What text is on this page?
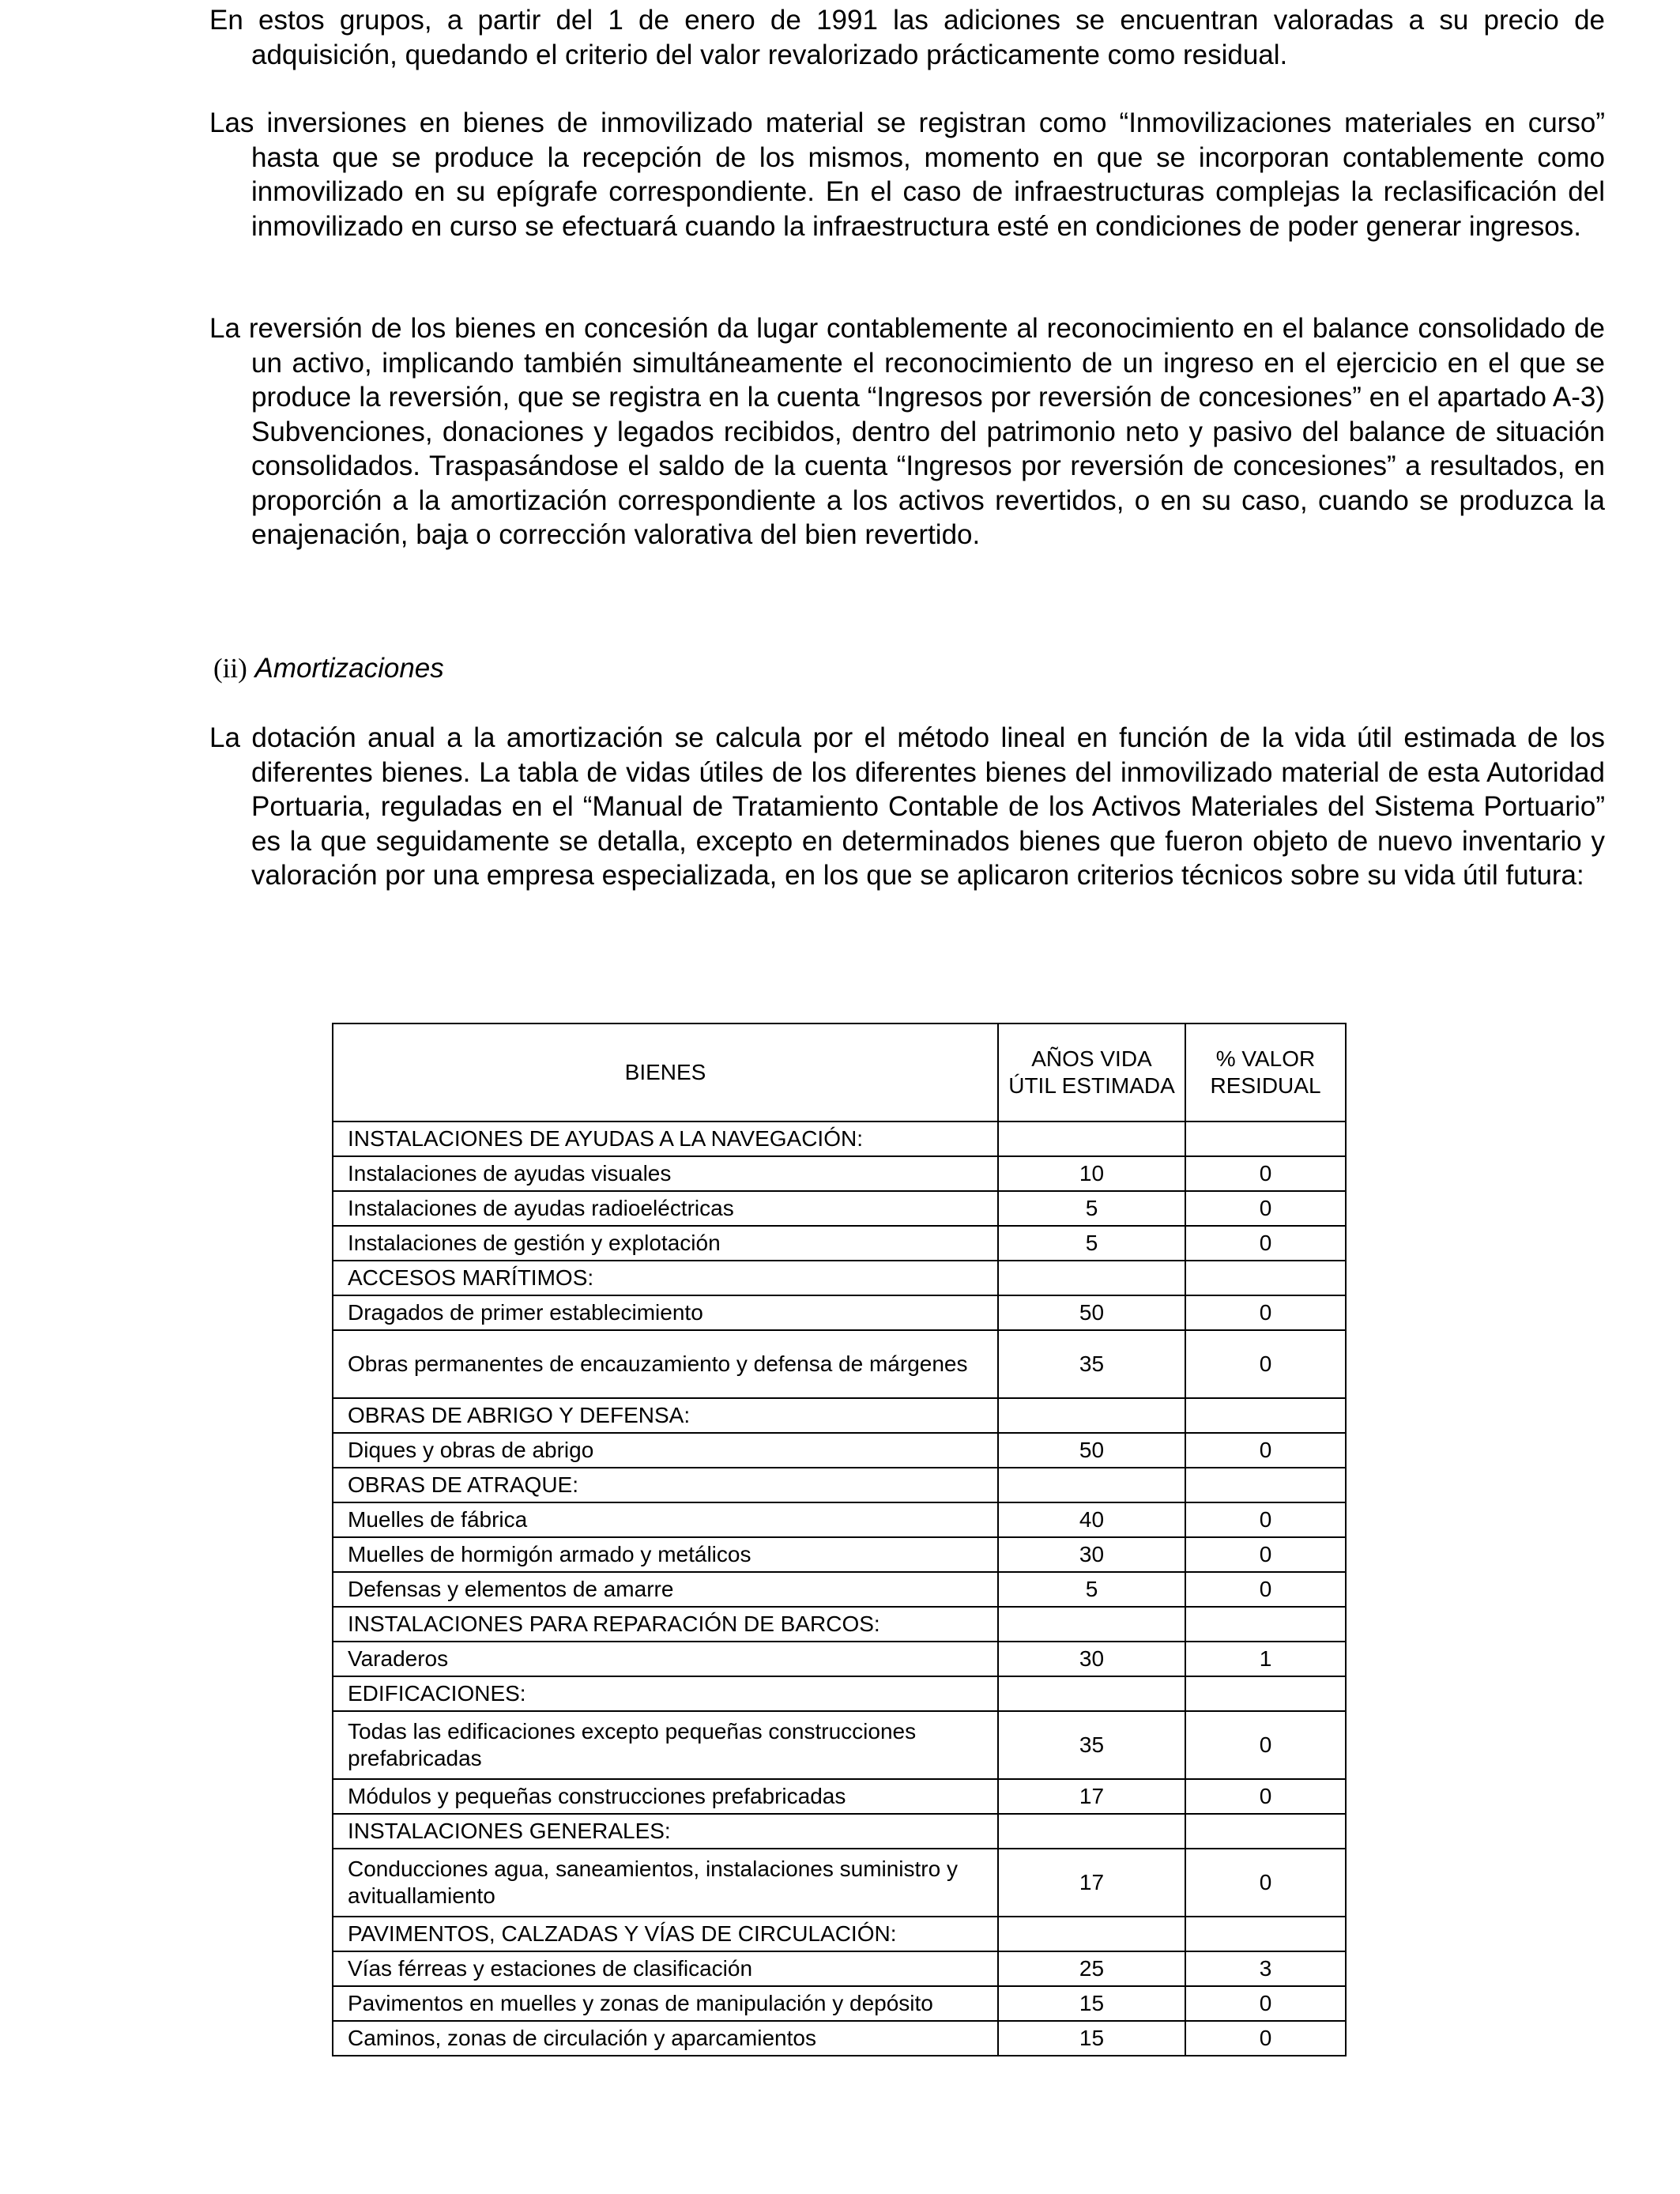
En estos grupos, a partir del 1 de enero de 1991 las adiciones se encuentran valoradas a su precio de adquisición, quedando el criterio del valor revalorizado prácticamente como residual.

Las inversiones en bienes de inmovilizado material se registran como “Inmovilizaciones materiales en curso” hasta que se produce la recepción de los mismos, momento en que se incorporan contablemente como inmovilizado en su epígrafe correspondiente. En el caso de infraestructuras complejas la reclasificación del inmovilizado en curso se efectuará cuando la infraestructura esté en condiciones de poder generar ingresos.

La reversión de los bienes en concesión da lugar contablemente al reconocimiento en el balance consolidado de un activo, implicando también simultáneamente el reconocimiento de un ingreso en el ejercicio en el que se produce la reversión, que se registra en la cuenta “Ingresos por reversión de concesiones” en el apartado A-3) Subvenciones, donaciones y legados recibidos, dentro del patrimonio neto y pasivo del balance de situación consolidados. Traspasándose el saldo de la cuenta “Ingresos por reversión de concesiones” a resultados, en proporción a la amortización correspondiente a los activos revertidos, o en su caso, cuando se produzca la enajenación, baja o corrección valorativa del bien revertido.

(ii) Amortizaciones

La dotación anual a la amortización se calcula por el método lineal en función de la vida útil estimada de los diferentes bienes. La tabla de vidas útiles de los diferentes bienes del inmovilizado material de esta Autoridad Portuaria, reguladas en el “Manual de Tratamiento Contable de los Activos Materiales del Sistema Portuario” es la que seguidamente se detalla, excepto en determinados bienes que fueron objeto de nuevo inventario y valoración por una empresa especializada, en los que se aplicaron criterios técnicos sobre su vida útil futura:

BIENES	AÑOS VIDA ÚTIL ESTIMADA	% VALOR RESIDUAL
INSTALACIONES DE AYUDAS A LA NAVEGACIÓN:		
Instalaciones de ayudas visuales	10	0
Instalaciones de ayudas radioeléctricas	5	0
Instalaciones de gestión y explotación	5	0
ACCESOS MARÍTIMOS:		
Dragados de primer establecimiento	50	0
Obras permanentes de encauzamiento y defensa de márgenes	35	0
OBRAS DE ABRIGO Y DEFENSA:		
Diques y obras de abrigo	50	0
OBRAS DE ATRAQUE:		
Muelles de fábrica	40	0
Muelles de hormigón armado y metálicos	30	0
Defensas y elementos de amarre	5	0
INSTALACIONES PARA REPARACIÓN DE BARCOS:		
Varaderos	30	1
EDIFICACIONES:		
Todas las edificaciones excepto pequeñas construcciones prefabricadas	35	0
Módulos y pequeñas construcciones prefabricadas	17	0
INSTALACIONES GENERALES:		
Conducciones agua, saneamientos, instalaciones suministro y avituallamiento	17	0
PAVIMENTOS, CALZADAS Y VÍAS DE CIRCULACIÓN:		
Vías férreas y estaciones de clasificación	25	3
Pavimentos en muelles y zonas de manipulación y depósito	15	0
Caminos, zonas de circulación y aparcamientos	15	0
